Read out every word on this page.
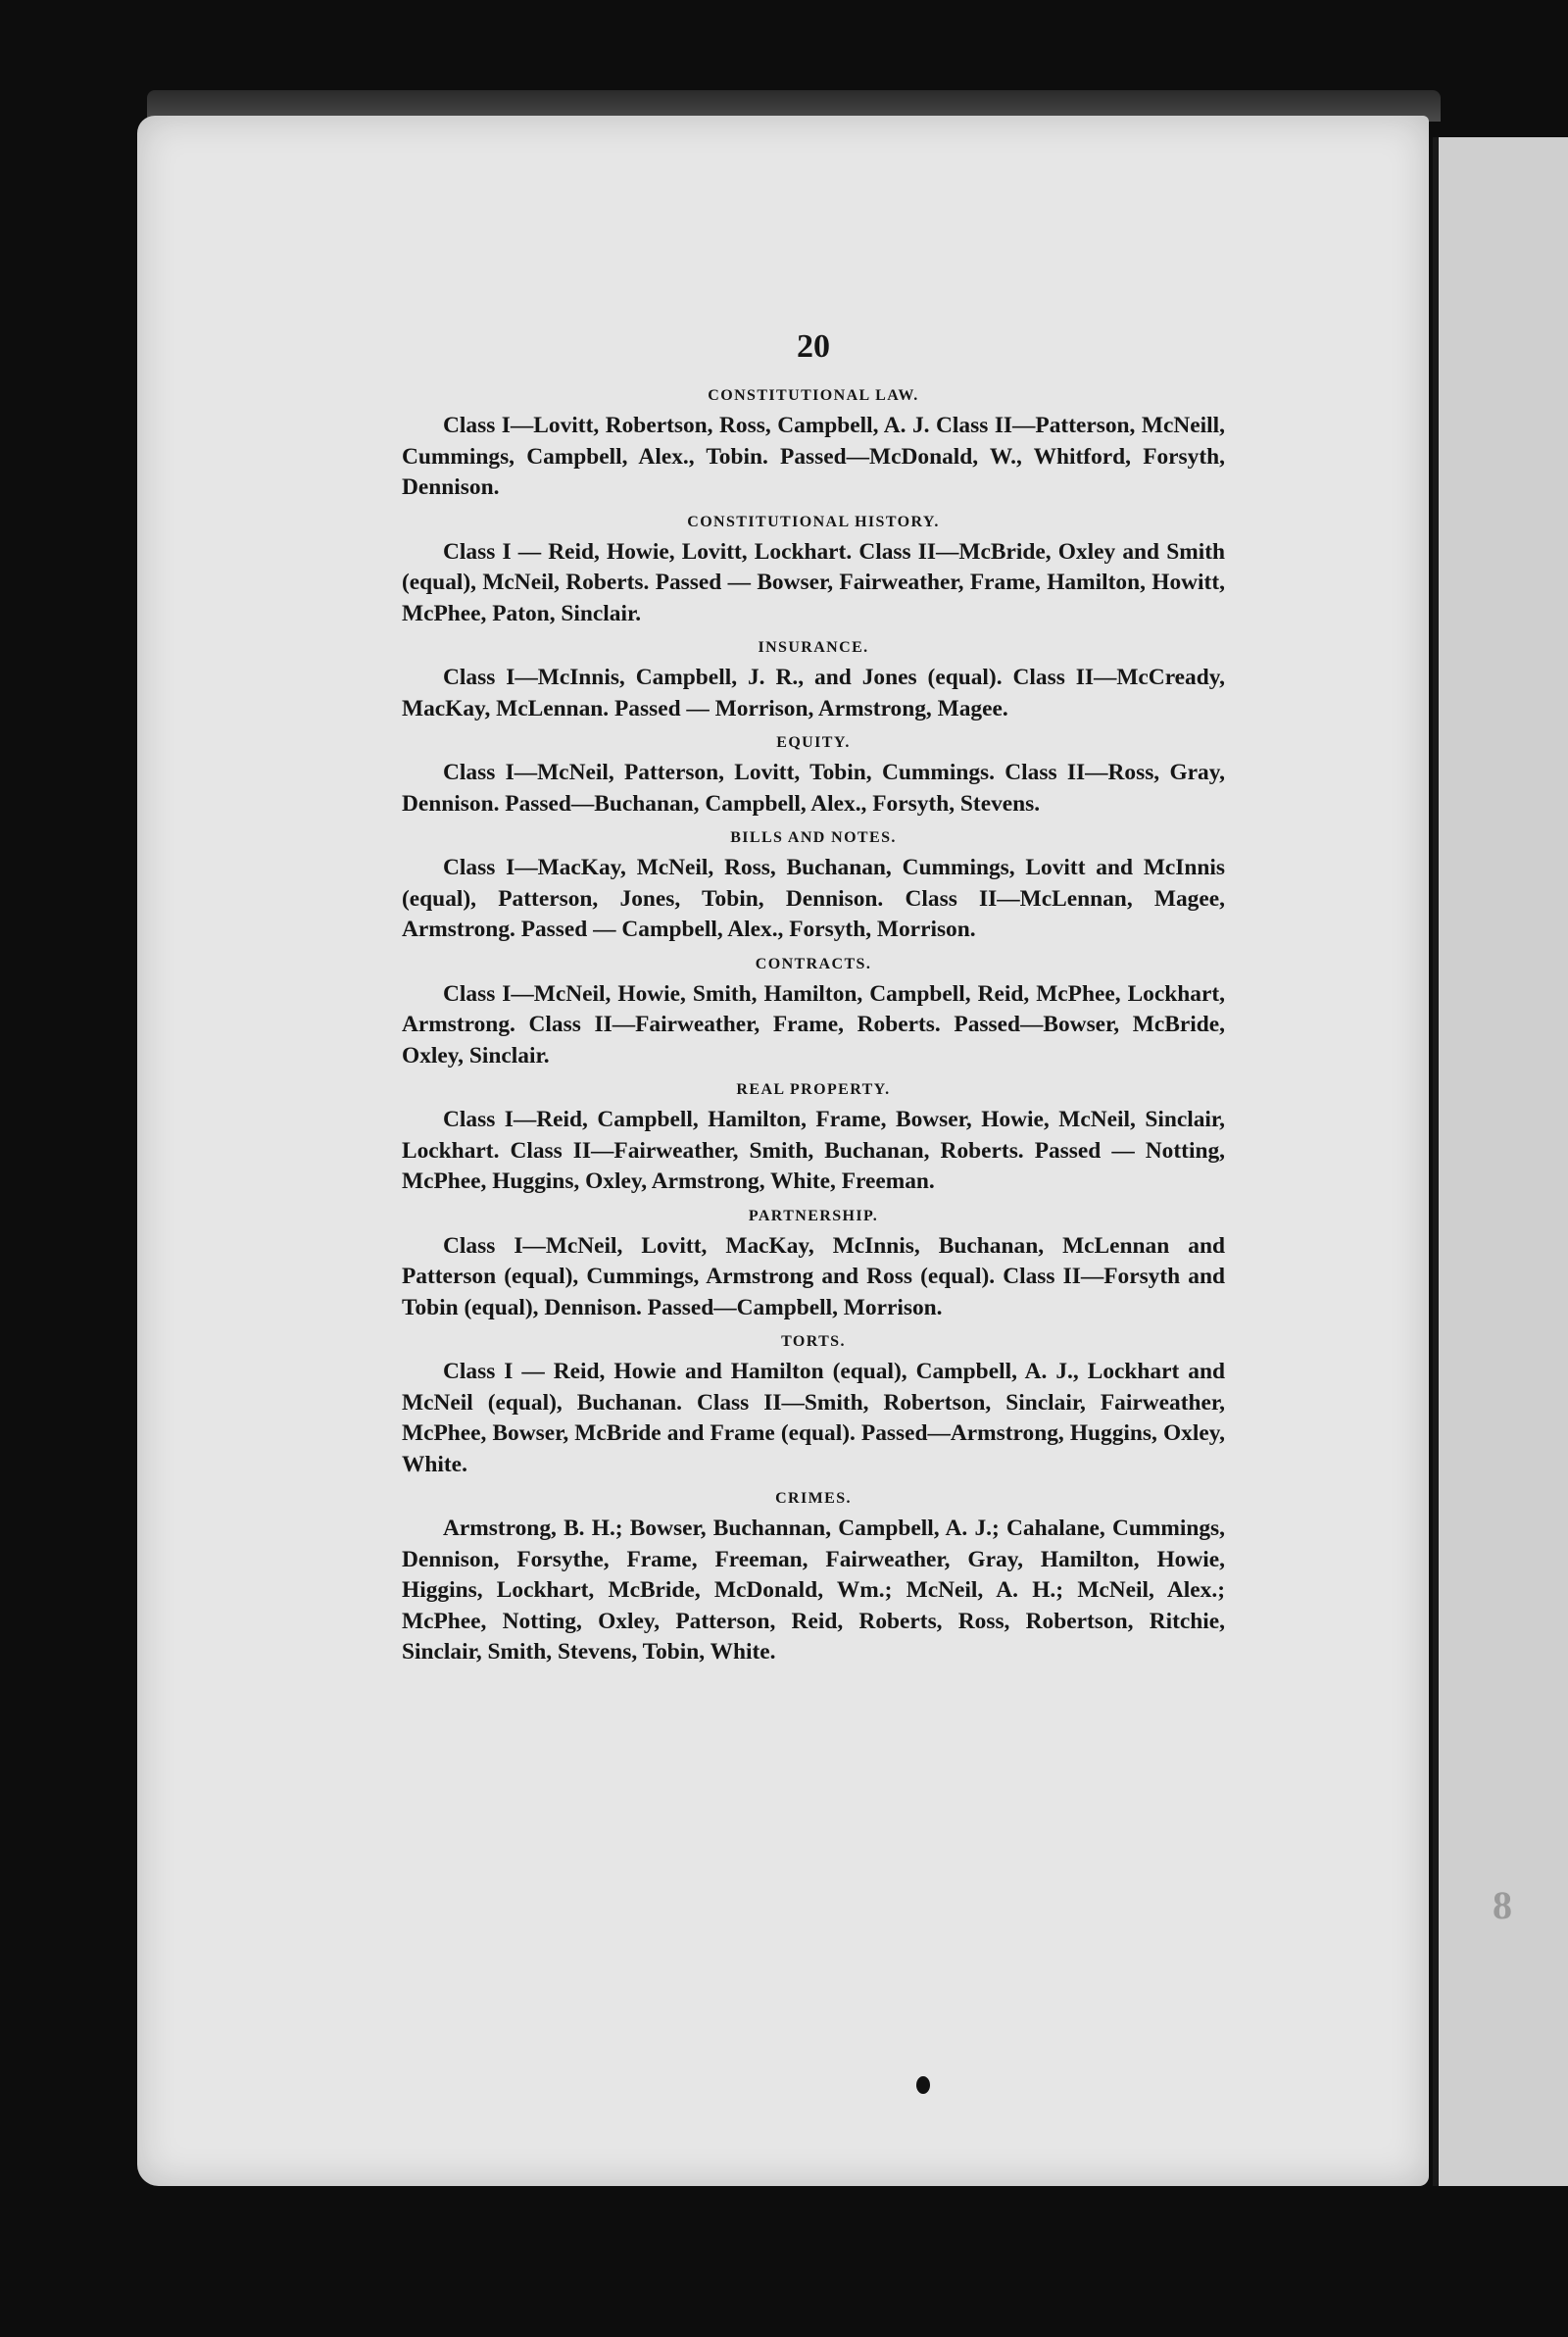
8
20
CONSTITUTIONAL LAW.

Class I—Lovitt, Robertson, Ross, Campbell, A. J. Class II—Patterson, McNeill, Cummings, Campbell, Alex., Tobin. Passed—McDonald, W., Whitford, Forsyth, Dennison.

CONSTITUTIONAL HISTORY.

Class I — Reid, Howie, Lovitt, Lockhart. Class II—McBride, Oxley and Smith (equal), McNeil, Roberts. Passed — Bowser, Fairweather, Frame, Hamilton, Howitt, McPhee, Paton, Sinclair.

INSURANCE.

Class I—McInnis, Campbell, J. R., and Jones (equal). Class II—McCready, MacKay, McLennan. Passed — Morrison, Armstrong, Magee.

EQUITY.

Class I—McNeil, Patterson, Lovitt, Tobin, Cummings. Class II—Ross, Gray, Dennison. Passed—Buchanan, Campbell, Alex., Forsyth, Stevens.

BILLS AND NOTES.

Class I—MacKay, McNeil, Ross, Buchanan, Cummings, Lovitt and McInnis (equal), Patterson, Jones, Tobin, Dennison. Class II—McLennan, Magee, Armstrong. Passed — Campbell, Alex., Forsyth, Morrison.

CONTRACTS.

Class I—McNeil, Howie, Smith, Hamilton, Campbell, Reid, McPhee, Lockhart, Armstrong. Class II—Fairweather, Frame, Roberts. Passed—Bowser, McBride, Oxley, Sinclair.

REAL PROPERTY.

Class I—Reid, Campbell, Hamilton, Frame, Bowser, Howie, McNeil, Sinclair, Lockhart. Class II—Fairweather, Smith, Buchanan, Roberts. Passed — Notting, McPhee, Huggins, Oxley, Armstrong, White, Freeman.

PARTNERSHIP.

Class I—McNeil, Lovitt, MacKay, McInnis, Buchanan, McLennan and Patterson (equal), Cummings, Armstrong and Ross (equal). Class II—Forsyth and Tobin (equal), Dennison. Passed—Campbell, Morrison.

TORTS.

Class I — Reid, Howie and Hamilton (equal), Campbell, A. J., Lockhart and McNeil (equal), Buchanan. Class II—Smith, Robertson, Sinclair, Fairweather, McPhee, Bowser, McBride and Frame (equal). Passed—Armstrong, Huggins, Oxley, White.

CRIMES.

Armstrong, B. H.; Bowser, Buchannan, Campbell, A. J.; Cahalane, Cummings, Dennison, Forsythe, Frame, Freeman, Fairweather, Gray, Hamilton, Howie, Higgins, Lockhart, McBride, McDonald, Wm.; McNeil, A. H.; McNeil, Alex.; McPhee, Notting, Oxley, Patterson, Reid, Roberts, Ross, Robertson, Ritchie, Sinclair, Smith, Stevens, Tobin, White.
